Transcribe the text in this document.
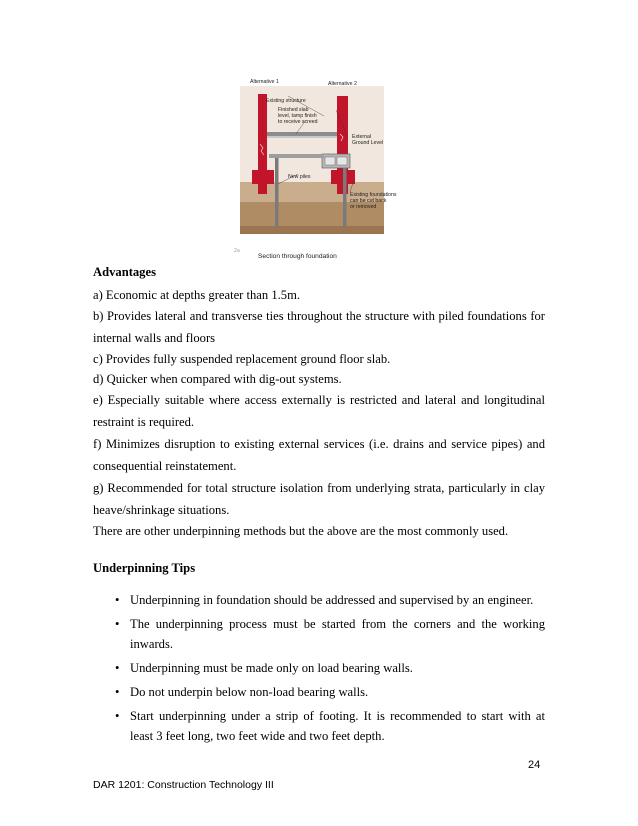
Alternative 1	Alternative 2
Existing structure
Finished slab
level, tamp finish
to receive screed
External
Ground Level
New piles
Existing foundations
can be cut back
or removed
Suitable bearing Stratum
2a
Section through foundation

Advantages

a) Economic at depths greater than 1.5m.

b) Provides lateral and transverse ties throughout the structure with piled foundations for internal walls and floors

c) Provides fully suspended replacement ground floor slab.

d) Quicker when compared with dig-out systems.

e) Especially suitable where access externally is restricted and lateral and longitudinal restraint is required.

f) Minimizes disruption to existing external services (i.e. drains and service pipes) and consequential reinstatement.

g) Recommended for total structure isolation from underlying strata, particularly in clay heave/shrinkage situations.

There are other underpinning methods but the above are the most commonly used.

Underpinning Tips

• Underpinning in foundation should be addressed and supervised by an engineer.
• The underpinning process must be started from the corners and the working inwards.
• Underpinning must be made only on load bearing walls.
• Do not underpin below non-load bearing walls.
• Start underpinning under a strip of footing. It is recommended to start with at least 3 feet long, two feet wide and two feet depth.
24
DAR 1201: Construction Technology III
